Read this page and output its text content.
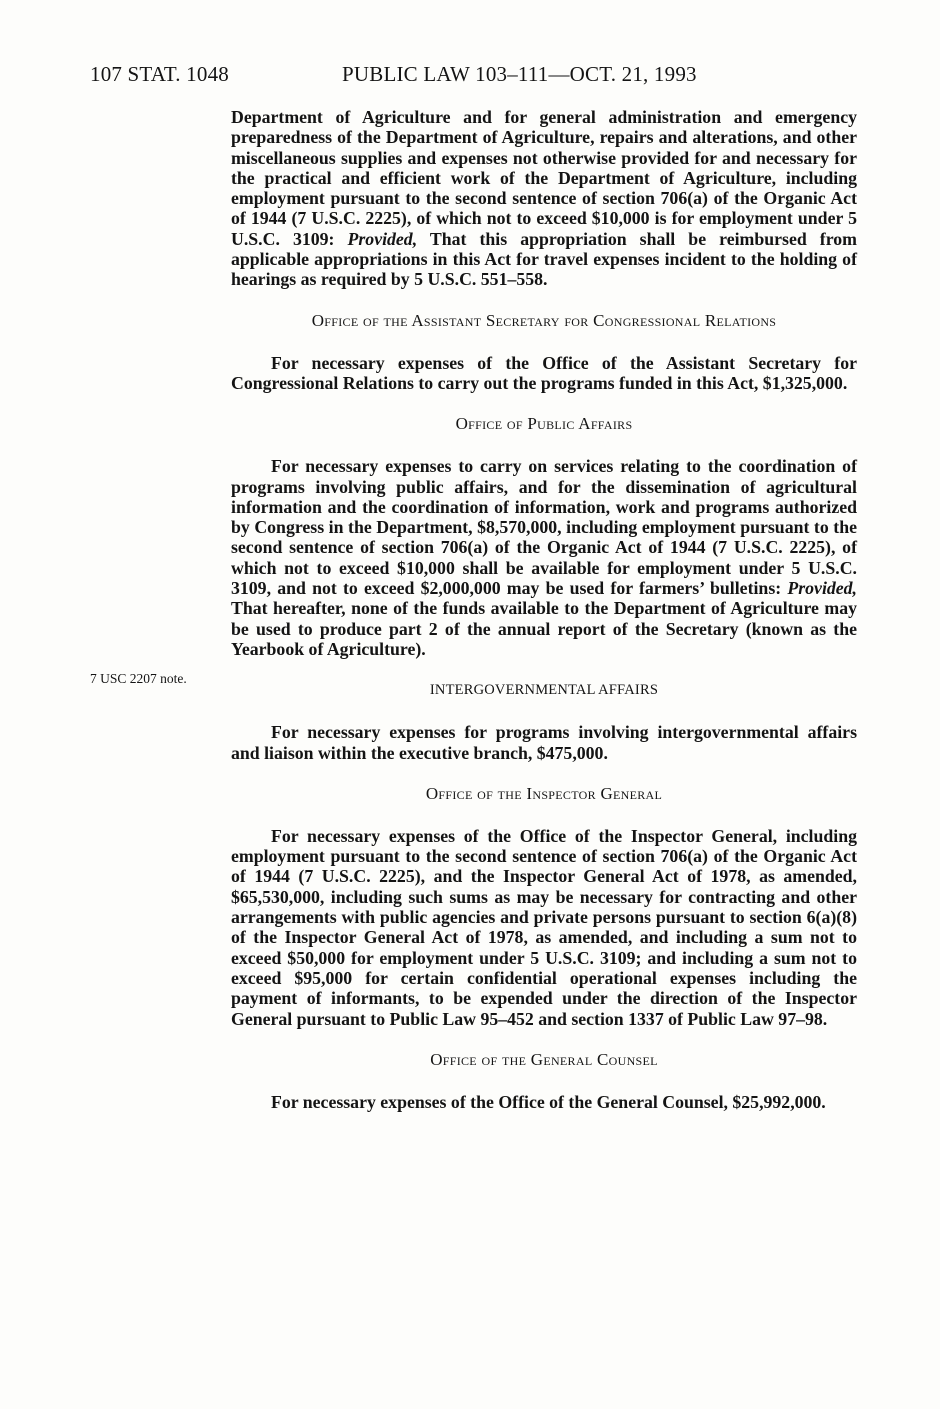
107 STAT. 1048	PUBLIC LAW 103–111—OCT. 21, 1993
7 USC 2207 note.

Department of Agriculture and for general administration and emergency preparedness of the Department of Agriculture, repairs and alterations, and other miscellaneous supplies and expenses not otherwise provided for and necessary for the practical and efficient work of the Department of Agriculture, including employment pursuant to the second sentence of section 706(a) of the Organic Act of 1944 (7 U.S.C. 2225), of which not to exceed $10,000 is for employment under 5 U.S.C. 3109: Provided, That this appropriation shall be reimbursed from applicable appropriations in this Act for travel expenses incident to the holding of hearings as required by 5 U.S.C. 551–558.

Office of the Assistant Secretary for Congressional Relations

For necessary expenses of the Office of the Assistant Secretary for Congressional Relations to carry out the programs funded in this Act, $1,325,000.

Office of Public Affairs

For necessary expenses to carry on services relating to the coordination of programs involving public affairs, and for the dissemination of agricultural information and the coordination of information, work and programs authorized by Congress in the Department, $8,570,000, including employment pursuant to the second sentence of section 706(a) of the Organic Act of 1944 (7 U.S.C. 2225), of which not to exceed $10,000 shall be available for employment under 5 U.S.C. 3109, and not to exceed $2,000,000 may be used for farmers’ bulletins: Provided, That hereafter, none of the funds available to the Department of Agriculture may be used to produce part 2 of the annual report of the Secretary (known as the Yearbook of Agriculture).

INTERGOVERNMENTAL AFFAIRS

For necessary expenses for programs involving intergovernmental affairs and liaison within the executive branch, $475,000.

Office of the Inspector General

For necessary expenses of the Office of the Inspector General, including employment pursuant to the second sentence of section 706(a) of the Organic Act of 1944 (7 U.S.C. 2225), and the Inspector General Act of 1978, as amended, $65,530,000, including such sums as may be necessary for contracting and other arrangements with public agencies and private persons pursuant to section 6(a)(8) of the Inspector General Act of 1978, as amended, and including a sum not to exceed $50,000 for employment under 5 U.S.C. 3109; and including a sum not to exceed $95,000 for certain confidential operational expenses including the payment of informants, to be expended under the direction of the Inspector General pursuant to Public Law 95–452 and section 1337 of Public Law 97–98.

Office of the General Counsel

For necessary expenses of the Office of the General Counsel, $25,992,000.
